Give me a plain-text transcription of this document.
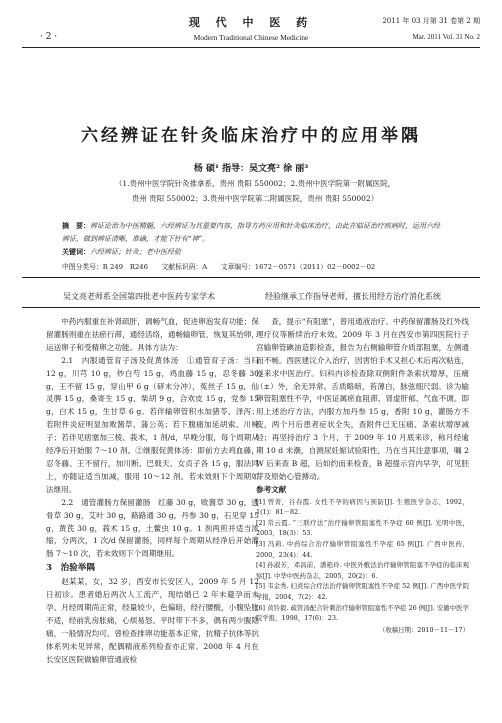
现 代 中 医 药	2011 年 03 月第 31 卷第 2 期
· 2 ·	Modern Traditional Chinese Medicine	Mar. 2011 Vol. 31 No. 2
六经辨证在针灸临床治疗中的应用举隅
杨 硕¹ 指导：吴文亮² 徐 丽³
（1.贵州中医学院针灸推拿系，贵州 贵阳 550002；2.贵州中医学院第一附属医院，
贵州 贵阳 550002；3.贵州中医学院第二附属医院，贵州 贵阳 550002）
摘　要：辨证论治为中医精髓，六经辨证为其重要内容，指导方药应用和针灸临床治疗，由此在临证治疗疾病时，运用六经辨证，做到辨证清晰，准确，才能下针有“神”。
关键词：六经辨证；针灸；老中医经验
中图分类号：R 249　R246　　文献标识码：A　　文章编号：1672－0571（2011）02－0002－02
吴文亮老师系全国第四批老中医药专家学术	经验继承工作指导老师，擅长用经方治疗消化系统

中药内服重在补肾疏肝，调畅气血，促进卵泡发育功能；保留灌肠则重在祛瘀行滞，通经活络，通畅输卵管，恢复其怡卵，运送卵子和受精卵之功能。具体方法为：

2.1　内服通管育子汤及促黄体汤　①通管育子汤：当归 12 g，川芎 10 g，炒白芍 15 g，鸡血藤 15 g，忍冬藤 30 g，王不留 15 g，穿山甲 6 g（研末分冲），菟丝子 15 g，仙灵脾 15 g，桑寄生 15 g，柴胡 9 g，合欢皮 15 g，党参 15 g，白术 15 g，生甘草 6 g。若伴输卵管积水加猪苓、泽泻；若附件炎症明显加败酱草、蒲公英；若下腹痛加延胡索、川楝子；若伴见痞塞加三棱、莪术，1 剂/d，早晚分服，每个周期从经净后开始服 7～10 剂。②继服促黄体汤：即前方去鸡血藤，忍冬藤、王不留行，加川断、巴戟天、女贞子各 15 g，服法同上，亦随证适当加减，服用 10～12 剂。若未效则下个周期如法继用。

2.2　通管灌肠方保留灌肠　红藤 30 g，败酱草 30 g，透骨草 30 g，艾叶 30 g，路路通 30 g，丹参 30 g，石见穿 15 g，黄芪 30 g，莪术 15 g，土鳖虫 10 g。1 剂两煎并适当浓缩，分两次，1 次/d 保留灌肠，同样每个周期从经净后开始灌肠 7～10 次，若未效则下个周期继用。

3　治验举隅

赵某某，女，32 岁，西安市长安区人，2009 年 5 月 12 日初诊。患者婚后两次人工流产，现结婚已 2 年未避孕而未孕。月经周期尚正常，经量较少，色偏暗，经行腰酸，小腹坠胀不适，经前乳房胀痛，心烦易怒。平时带下不多，偶有两少腹隐痛，一般情况均可。曾检查排卵功能基本正常，抗精子抗体等抗体系列未见异常，配偶精液系列检查亦正常。2008 年 4 月在长安区医院做输卵管通液检

查，提示“有阻塞”，曾用通液治疗、中药保留灌肠及红外线理疗仪等断续治疗未效。2009 年 3 月在西安市第四医院行子宫输卵管碘油造影检查，报告为右侧输卵管介质部阻塞，左侧通而不畅。西医建议介入治疗，因害怕手术又担心术后再次粘连，遂来求中医治疗。妇科内诊检查除双侧附件条索状增厚，压痛（±）外，余无异常。舌质略暗，苔薄白，脉弦细尺弱。诊为输卵管阻塞性不孕，中医证属瘀血阻滞、肾虚肝郁、气血不调。即用上述治疗方法，内服方加丹参 15 g，香附 10 g，灌肠方不变，两个月后患者症状全失，查附件已无压痛、条索状增厚减轻；再坚持治疗 3 个月，于 2009 年 10 月底来诊，称月经逾期 10 d 未潮，自测尿妊娠试验阳性，乃在当其注意事项，嘱 2 W 后来查 B 超，后如约而来检查，B 超提示宫内早孕，可见胚芽及原始心管搏动。

参考文献

[1] 曾菁，谷春霞. 女性不孕的病因与预防[J]. 生殖医学杂志，1992，1(1)：81－82.

[2] 常云霞. “三联疗法”治疗输卵管阻塞性不孕症 60 例[J]. 光明中医，2003，18(3)：53.

[3] 冯莉. 中药综合治疗输卵管阻塞性不孕症 65 例[J]. 广西中医药，2000，23(4)：44.

[4] 孙淑芳，邓昌前，潘艳玲. 中医外敷法治疗输卵管阻塞不孕症的临床观察[J]. 中华中医药杂志，2005，20(2)：6.

[5] 韦金秀. 妇炎综合疗法治疗输卵管阻塞性不孕症 52 例[J]. 广西中医学院学报，2004，7(2)：42.

[6] 黄铃毅. 疏管汤配合针刺治疗输卵管阻塞性不孕症 26 例[J]. 安徽中医学院学报，1998，17(6)：23.

（收稿日期：2010－11－17）
